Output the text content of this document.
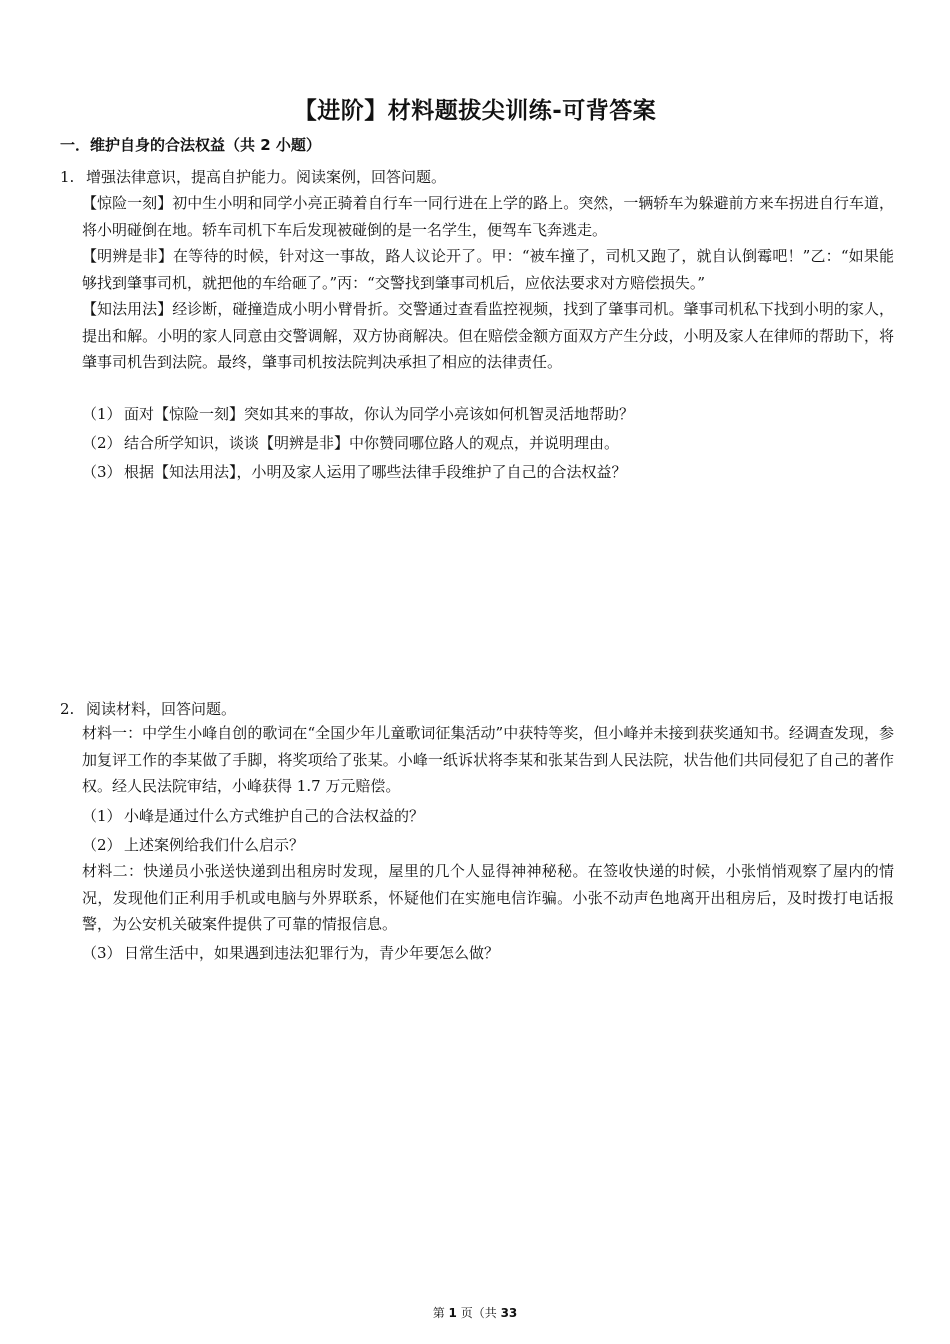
【进阶】材料题拔尖训练-可背答案
一．维护自身的合法权益（共 2 小题）
1. 增强法律意识，提高自护能力。阅读案例，回答问题。

【惊险一刻】初中生小明和同学小亮正骑着自行车一同行进在上学的路上。突然，一辆轿车为躲避前方来车拐进自行车道，将小明碰倒在地。轿车司机下车后发现被碰倒的是一名学生，便驾车飞奔逃走。

【明辨是非】在等待的时候，针对这一事故，路人议论开了。甲：“被车撞了，司机又跑了，就自认倒霉吧！”乙：“如果能够找到肇事司机，就把他的车给砸了。”丙：“交警找到肇事司机后，应依法要求对方赔偿损失。”

【知法用法】经诊断，碰撞造成小明小臂骨折。交警通过查看监控视频，找到了肇事司机。肇事司机私下找到小明的家人，提出和解。小明的家人同意由交警调解，双方协商解决。但在赔偿金额方面双方产生分歧，小明及家人在律师的帮助下，将肇事司机告到法院。最终，肇事司机按法院判决承担了相应的法律责任。

（1） 面对【惊险一刻】突如其来的事故，你认为同学小亮该如何机智灵活地帮助？
（2） 结合所学知识，谈谈【明辨是非】中你赞同哪位路人的观点，并说明理由。
（3） 根据【知法用法】，小明及家人运用了哪些法律手段维护了自己的合法权益？
2. 阅读材料，回答问题。

材料一：中学生小峰自创的歌词在“全国少年儿童歌词征集活动”中获特等奖，但小峰并未接到获奖通知书。经调查发现，参加复评工作的李某做了手脚，将奖项给了张某。小峰一纸诉状将李某和张某告到人民法院，状告他们共同侵犯了自己的著作权。经人民法院审结，小峰获得 1.7 万元赔偿。

（1） 小峰是通过什么方式维护自己的合法权益的？
（2） 上述案例给我们什么启示？

材料二：快递员小张送快递到出租房时发现，屋里的几个人显得神神秘秘。在签收快递的时候，小张悄悄观察了屋内的情况，发现他们正利用手机或电脑与外界联系，怀疑他们在实施电信诈骗。小张不动声色地离开出租房后，及时拨打电话报警，为公安机关破案件提供了可靠的情报信息。

（3） 日常生活中，如果遇到违法犯罪行为，青少年要怎么做？
第 1 页（共 33
